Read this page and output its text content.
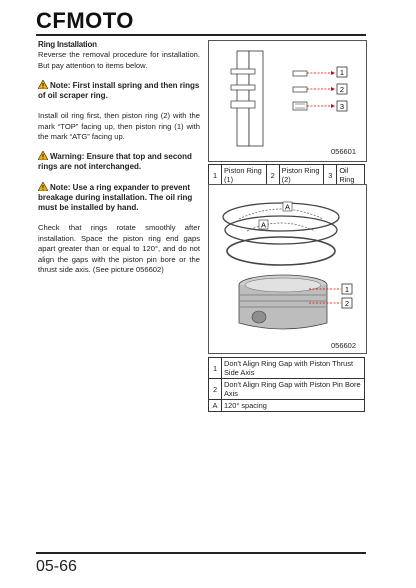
CFMOTO
Ring Installation

Reverse the removal procedure for installation. But pay attention to items below.

Note: First install spring and then rings of oil scraper ring.

Install oil ring first, then piston ring (2) with the mark “TOP” facing up, then piston ring (1) with the mark “ATG” facing up.

Warning: Ensure that top and second rings are not interchanged.
Note: Use a ring expander to prevent breakage during installation. The oil ring must be installed by hand.

Check that rings rotate smoothly after installation. Space the piston ring end gaps apart greater than or equal to 120°, and do not align the gaps with the piston pin bore or the thrust side axis. (See picture 056602)

1
2
3
056601
1	Piston Ring (1)	2	Piston Ring (2)	3	Oil Ring
A
A
1
2
056602
1	Don't Align Ring Gap with Piston Thrust Side Axis
2	Don't Align Ring Gap with Piston Pin Bore Axis
A	120° spacing
05-66
